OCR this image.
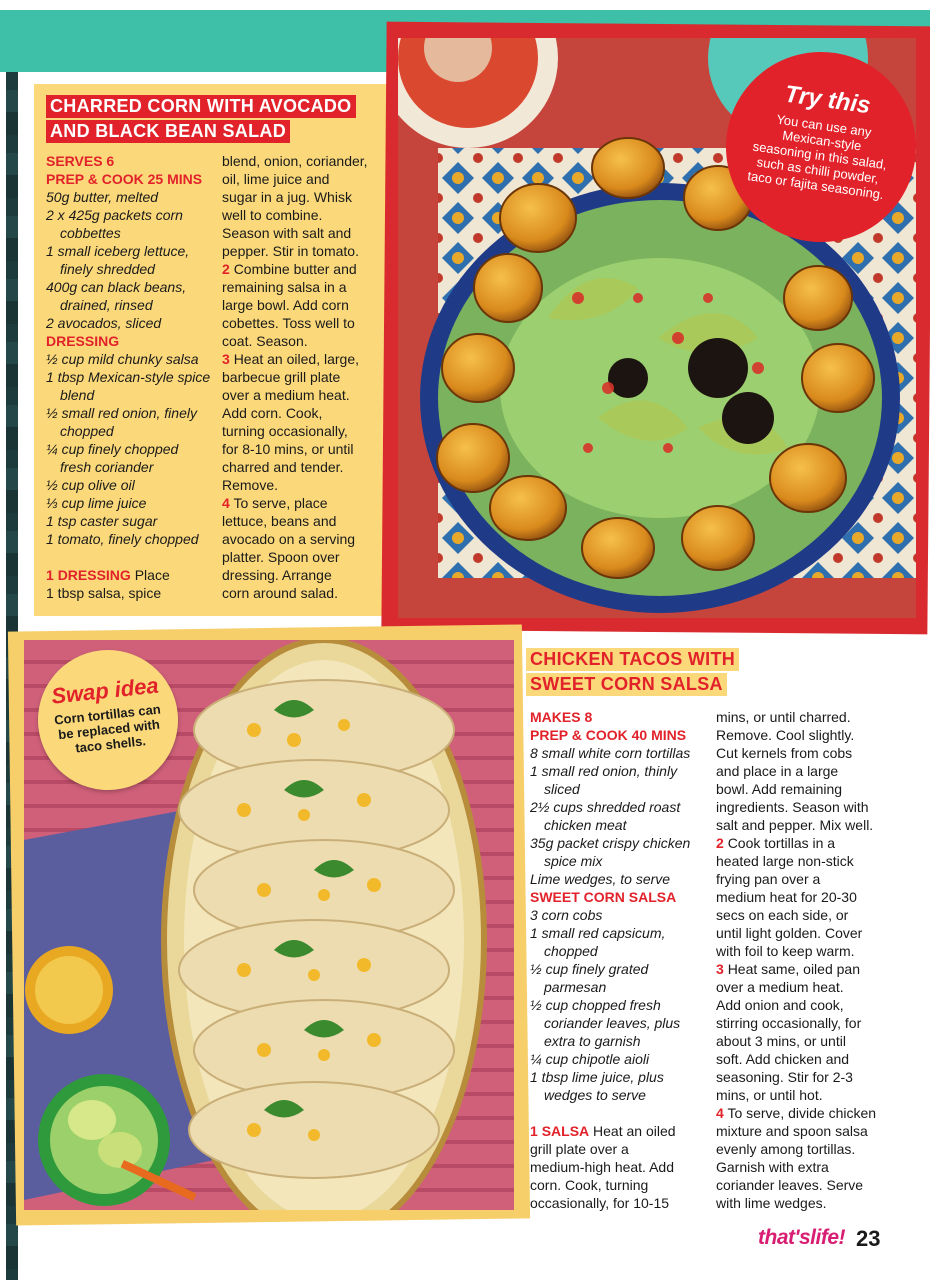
CHARRED CORN WITH AVOCADO
AND BLACK BEAN SALAD
SERVES 6
PREP & COOK 25 MINS
50g butter, melted
2 x 425g packets corn
cobbettes
1 small iceberg lettuce,
finely shredded
400g can black beans,
drained, rinsed
2 avocados, sliced
DRESSING
½ cup mild chunky salsa
1 tbsp Mexican-style spice
blend
½ small red onion, finely
chopped
¼ cup finely chopped
fresh coriander
½ cup olive oil
⅓ cup lime juice
1 tsp caster sugar
1 tomato, finely chopped
1 DRESSING Place
1 tbsp salsa, spice
blend, onion, coriander,
oil, lime juice and
sugar in a jug. Whisk
well to combine.
Season with salt and
pepper. Stir in tomato.
2 Combine butter and
remaining salsa in a
large bowl. Add corn
cobettes. Toss well to
coat. Season.
3 Heat an oiled, large,
barbecue grill plate
over a medium heat.
Add corn. Cook,
turning occasionally,
for 8-10 mins, or until
charred and tender.
Remove.
4 To serve, place
lettuce, beans and
avocado on a serving
platter. Spoon over
dressing. Arrange
corn around salad.
Try this
You can use any Mexican-style seasoning in this salad, such as chilli powder, taco or fajita seasoning.
Swap idea
Corn tortillas can be replaced with taco shells.
CHICKEN TACOS WITH
SWEET CORN SALSA
MAKES 8
PREP & COOK 40 MINS
8 small white corn tortillas
1 small red onion, thinly
sliced
2½ cups shredded roast
chicken meat
35g packet crispy chicken
spice mix
Lime wedges, to serve
SWEET CORN SALSA
3 corn cobs
1 small red capsicum,
chopped
½ cup finely grated
parmesan
½ cup chopped fresh
coriander leaves, plus
extra to garnish
¼ cup chipotle aioli
1 tbsp lime juice, plus
wedges to serve
1 SALSA Heat an oiled
grill plate over a
medium-high heat. Add
corn. Cook, turning
occasionally, for 10-15
mins, or until charred.
Remove. Cool slightly.
Cut kernels from cobs
and place in a large
bowl. Add remaining
ingredients. Season with
salt and pepper. Mix well.
2 Cook tortillas in a
heated large non-stick
frying pan over a
medium heat for 20-30
secs on each side, or
until light golden. Cover
with foil to keep warm.
3 Heat same, oiled pan
over a medium heat.
Add onion and cook,
stirring occasionally, for
about 3 mins, or until
soft. Add chicken and
seasoning. Stir for 2-3
mins, or until hot.
4 To serve, divide chicken
mixture and spoon salsa
evenly among tortillas.
Garnish with extra
coriander leaves. Serve
with lime wedges.
that'slife! 23
